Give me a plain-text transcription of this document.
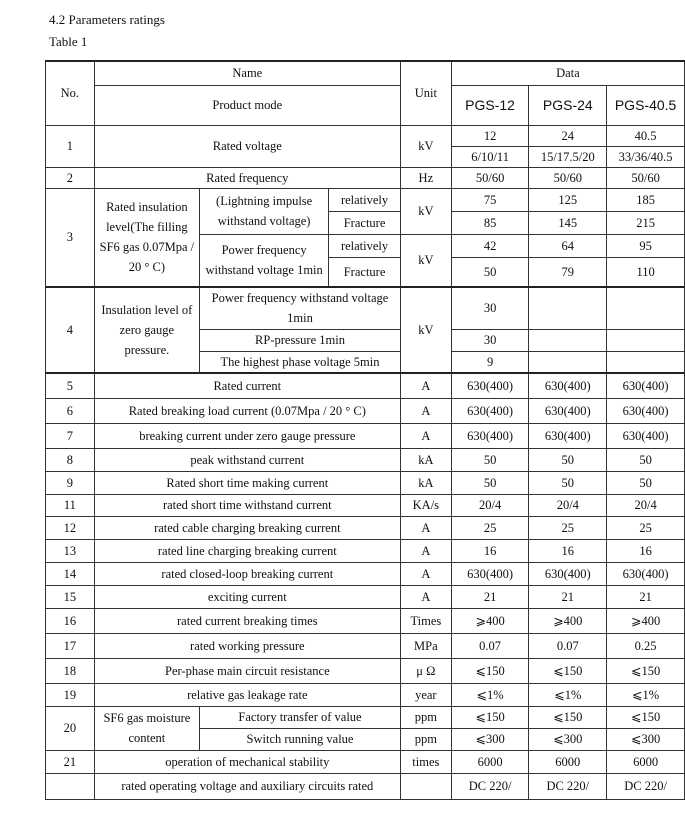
4.2 Parameters ratings
Table 1
No.	Name			Unit	Data		
	Product mode				PGS-12	PGS-24	PGS-40.5
1	Rated voltage			kV	12	24	40.5
					6/10/11	15/17.5/20	33/36/40.5
2	Rated frequency			Hz	50/60	50/60	50/60
3	Rated insulation level(The filling SF6 gas 0.07Mpa / 20 ° C)	(Lightning impulse withstand voltage)	relatively	kV	75	125	185
			Fracture		85	145	215
		Power frequency withstand voltage 1min	relatively	kV	42	64	95
			Fracture		50	79	110
4	Insulation level of zero gauge pressure.	Power frequency withstand voltage 1min		kV	30		
		RP-pressure 1min			30		
		The highest phase voltage 5min			9		
5	Rated current			A	630(400)	630(400)	630(400)
6	Rated breaking load current (0.07Mpa / 20 ° C)			A	630(400)	630(400)	630(400)
7	breaking current under zero gauge pressure			A	630(400)	630(400)	630(400)
8	peak withstand current			kA	50	50	50
9	Rated short time making current			kA	50	50	50
11	rated short time withstand current			KA/s	20/4	20/4	20/4
12	rated cable charging breaking current			A	25	25	25
13	rated line charging breaking current			A	16	16	16
14	rated closed-loop breaking current			A	630(400)	630(400)	630(400)
15	exciting current			A	21	21	21
16	rated current breaking times			Times	⩾400	⩾400	⩾400
17	rated working pressure			MPa	0.07	0.07	0.25
18	Per-phase main circuit resistance			μ Ω	⩽150	⩽150	⩽150
19	relative gas leakage rate			year	⩽1%	⩽1%	⩽1%
20	SF6 gas moisture content	Factory transfer of value		ppm	⩽150	⩽150	⩽150
		Switch running value		ppm	⩽300	⩽300	⩽300
21	operation of mechanical stability			times	6000	6000	6000
	rated operating voltage and auxiliary circuits rated				DC 220/	DC 220/	DC 220/
